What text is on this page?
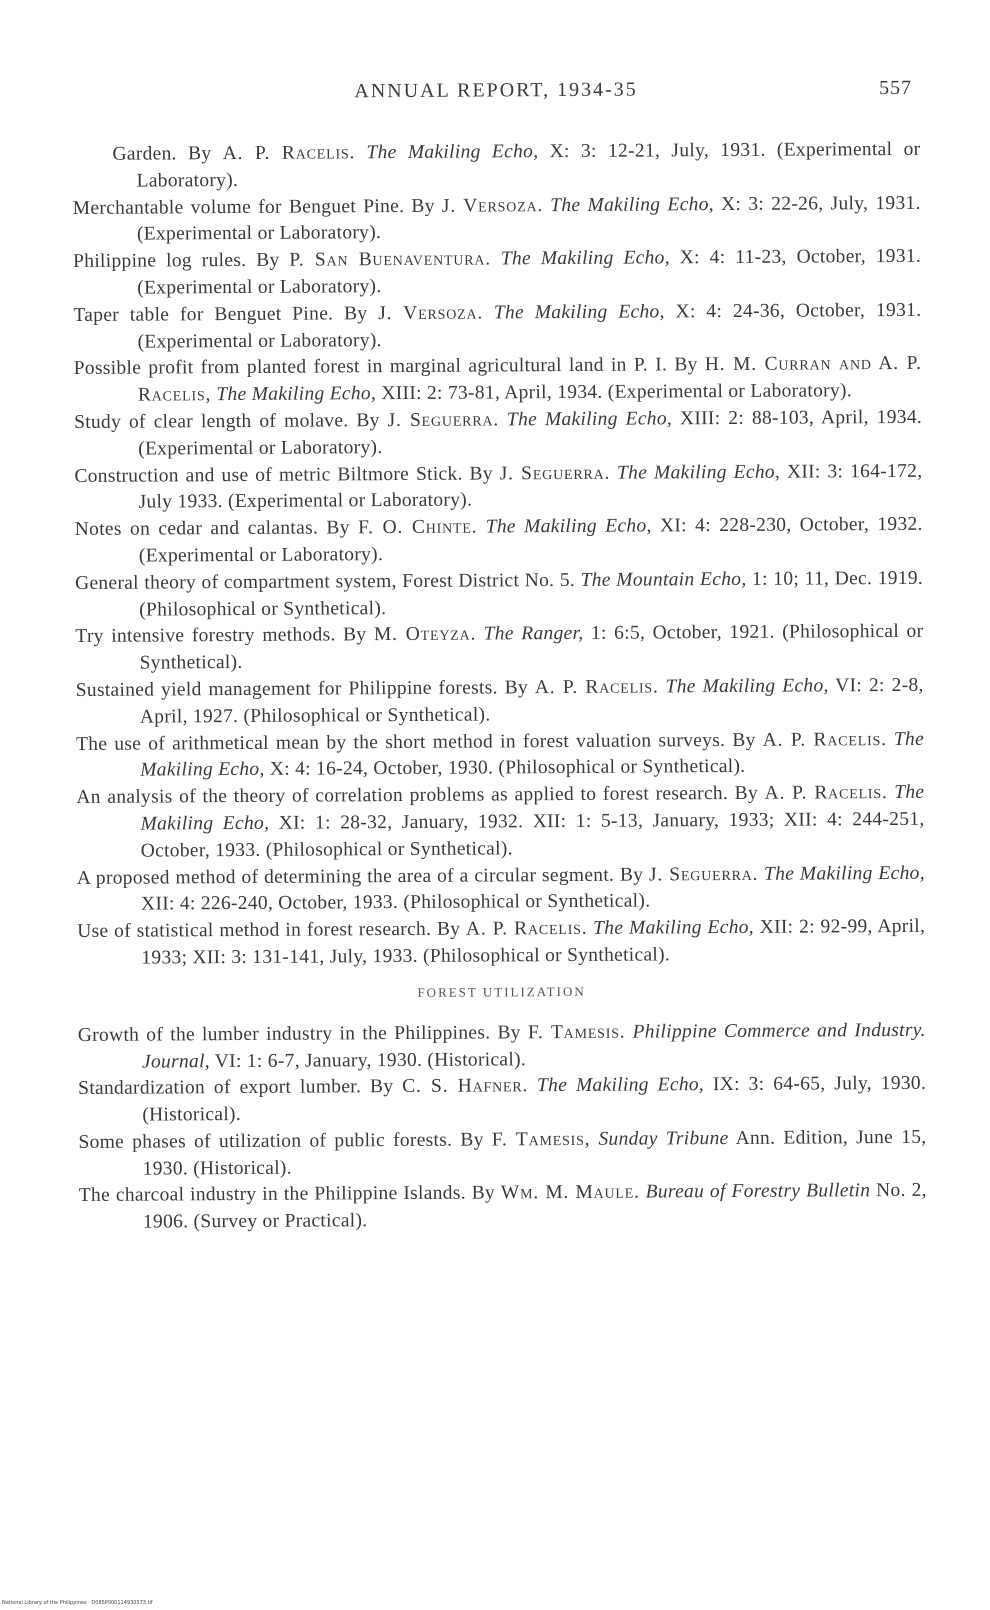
ANNUAL REPORT, 1934-35	557

Garden. By A. P. Racelis. The Makiling Echo, X: 3: 12-21, July, 1931. (Experimental or Laboratory).

Merchantable volume for Benguet Pine. By J. Versoza. The Makiling Echo, X: 3: 22-26, July, 1931. (Experimental or Laboratory).

Philippine log rules. By P. San Buenaventura. The Makiling Echo, X: 4: 11-23, October, 1931. (Experimental or Laboratory).

Taper table for Benguet Pine. By J. Versoza. The Makiling Echo, X: 4: 24-36, October, 1931. (Experimental or Laboratory).

Possible profit from planted forest in marginal agricultural land in P. I. By H. M. Curran and A. P. Racelis, The Makiling Echo, XIII: 2: 73-81, April, 1934. (Experimental or Laboratory).

Study of clear length of molave. By J. Seguerra. The Makiling Echo, XIII: 2: 88-103, April, 1934. (Experimental or Laboratory).

Construction and use of metric Biltmore Stick. By J. Seguerra. The Makiling Echo, XII: 3: 164-172, July 1933. (Experimental or Laboratory).

Notes on cedar and calantas. By F. O. Chinte. The Makiling Echo, XI: 4: 228-230, October, 1932. (Experimental or Laboratory).

General theory of compartment system, Forest District No. 5. The Mountain Echo, 1: 10; 11, Dec. 1919. (Philosophical or Synthetical).

Try intensive forestry methods. By M. Oteyza. The Ranger, 1: 6:5, October, 1921. (Philosophical or Synthetical).

Sustained yield management for Philippine forests. By A. P. Racelis. The Makiling Echo, VI: 2: 2-8, April, 1927. (Philosophical or Synthetical).

The use of arithmetical mean by the short method in forest valuation surveys. By A. P. Racelis. The Makiling Echo, X: 4: 16-24, October, 1930. (Philosophical or Synthetical).

An analysis of the theory of correlation problems as applied to forest research. By A. P. Racelis. The Makiling Echo, XI: 1: 28-32, January, 1932. XII: 1: 5-13, January, 1933; XII: 4: 244-251, October, 1933. (Philosophical or Synthetical).

A proposed method of determining the area of a circular segment. By J. Seguerra. The Makiling Echo, XII: 4: 226-240, October, 1933. (Philosophical or Synthetical).

Use of statistical method in forest research. By A. P. Racelis. The Makiling Echo, XII: 2: 92-99, April, 1933; XII: 3: 131-141, July, 1933. (Philosophical or Synthetical).

FOREST UTILIZATION

Growth of the lumber industry in the Philippines. By F. Tamesis. Philippine Commerce and Industry. Journal, VI: 1: 6-7, January, 1930. (Historical).

Standardization of export lumber. By C. S. Hafner. The Makiling Echo, IX: 3: 64-65, July, 1930. (Historical).

Some phases of utilization of public forests. By F. Tamesis, Sunday Tribune Ann. Edition, June 15, 1930. (Historical).

The charcoal industry in the Philippine Islands. By Wm. M. Maule. Bureau of Forestry Bulletin No. 2, 1906. (Survey or Practical).

National Library of the Philippines · D085P000114930573.tif
